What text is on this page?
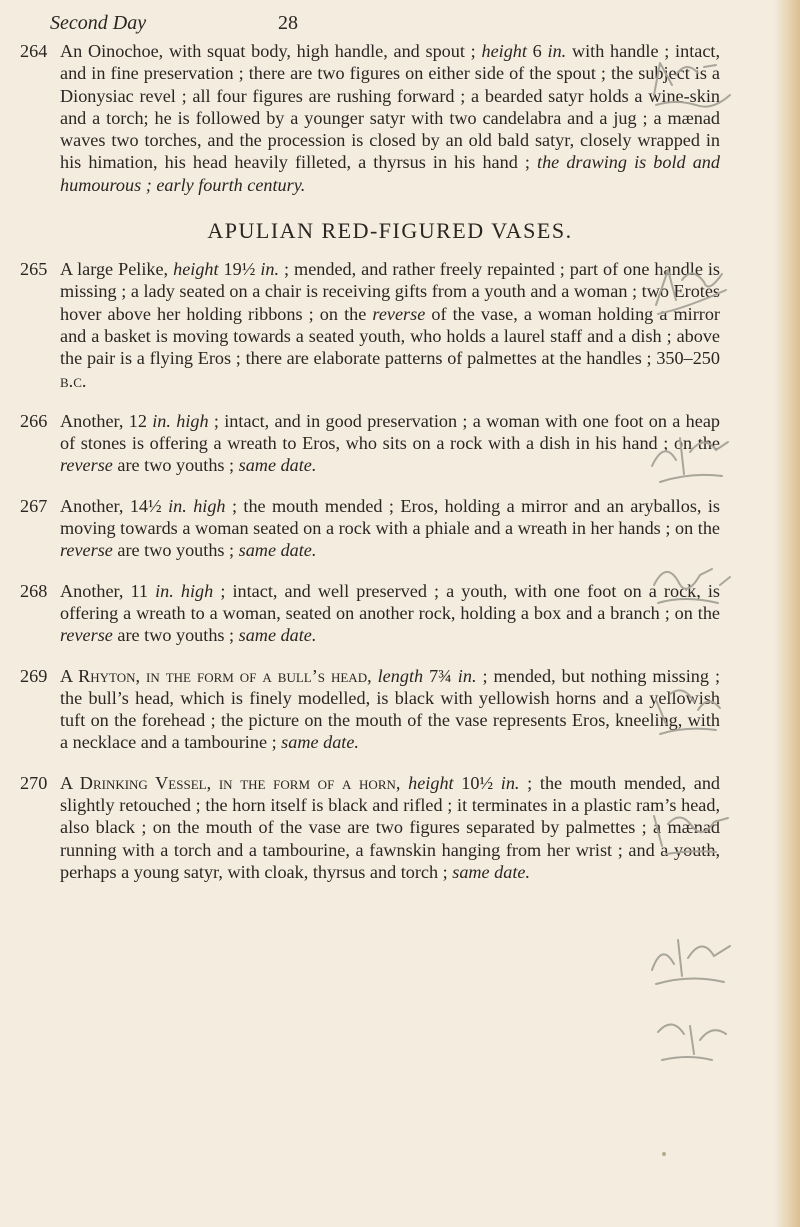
Second Day	28
264 An Oinochoe, with squat body, high handle, and spout ; height 6 in. with handle ; intact, and in fine preservation ; there are two figures on either side of the spout ; the subject is a Dionysiac revel ; all four figures are rushing forward ; a bearded satyr holds a wine-skin and a torch; he is followed by a younger satyr with two candelabra and a jug ; a mænad waves two torches, and the procession is closed by an old bald satyr, closely wrapped in his himation, his head heavily filleted, a thyrsus in his hand ; the drawing is bold and humourous ; early fourth century.
APULIAN RED-FIGURED VASES.
265 A large Pelike, height 19½ in. ; mended, and rather freely repainted ; part of one handle is missing ; a lady seated on a chair is receiving gifts from a youth and a woman ; two Erotes hover above her holding ribbons ; on the reverse of the vase, a woman holding a mirror and a basket is moving towards a seated youth, who holds a laurel staff and a dish ; above the pair is a flying Eros ; there are elaborate patterns of palmettes at the handles ; 350–250 b.c.
266 Another, 12 in. high ; intact, and in good preservation ; a woman with one foot on a heap of stones is offering a wreath to Eros, who sits on a rock with a dish in his hand ; on the reverse are two youths ; same date.
267 Another, 14½ in. high ; the mouth mended ; Eros, holding a mirror and an aryballos, is moving towards a woman seated on a rock with a phiale and a wreath in her hands ; on the reverse are two youths ; same date.
268 Another, 11 in. high ; intact, and well preserved ; a youth, with one foot on a rock, is offering a wreath to a woman, seated on another rock, holding a box and a branch ; on the reverse are two youths ; same date.
269 A Rhyton, in the form of a bull’s head, length 7¾ in. ; mended, but nothing missing ; the bull’s head, which is finely modelled, is black with yellowish horns and a yellowish tuft on the forehead ; the picture on the mouth of the vase represents Eros, kneeling, with a necklace and a tambourine ; same date.
270 A Drinking Vessel, in the form of a horn, height 10½ in. ; the mouth mended, and slightly retouched ; the horn itself is black and rifled ; it terminates in a plastic ram’s head, also black ; on the mouth of the vase are two figures separated by palmettes ; a mænad running with a torch and a tambourine, a fawnskin hanging from her wrist ; and a youth, perhaps a young satyr, with cloak, thyrsus and torch ; same date.
